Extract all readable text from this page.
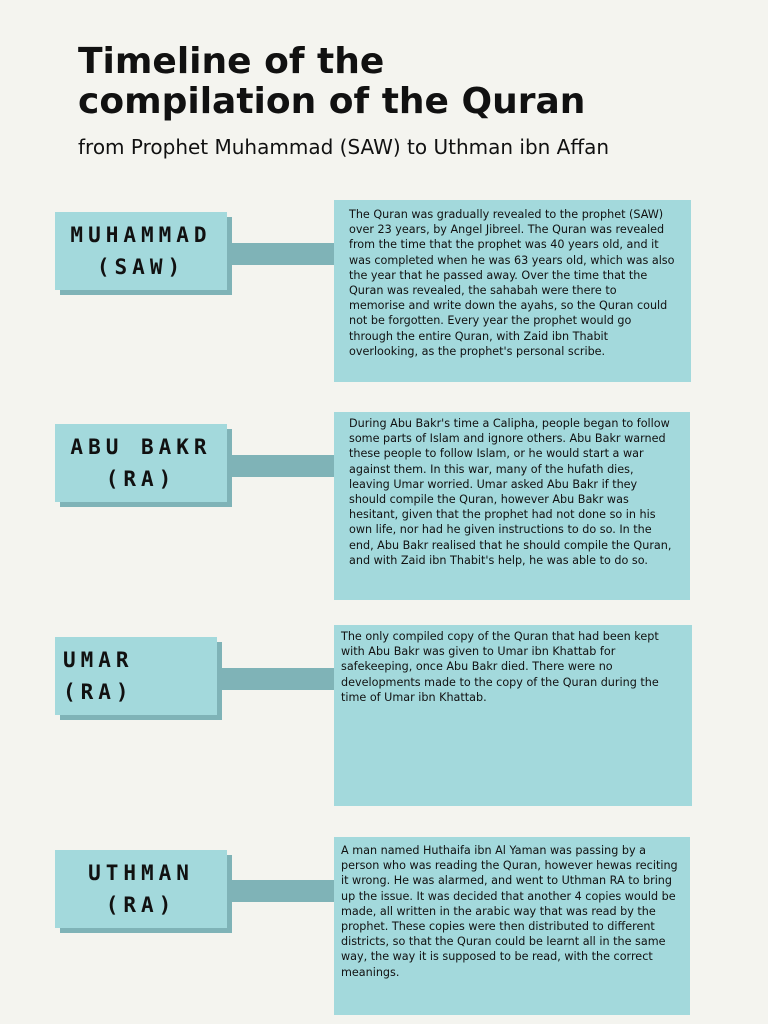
Timeline of the
compilation of the Quran

from Prophet Muhammad (SAW) to Uthman ibn Affan

MUHAMMAD
(SAW)
The Quran was gradually revealed to the prophet (SAW) over 23 years, by Angel Jibreel. The Quran was revealed from the time that the prophet was 40 years old, and it was completed when he was 63 years old, which was also the year that he passed away. Over the time that the Quran was revealed, the sahabah were there to memorise and write down the ayahs, so the Quran could not be forgotten. Every year the prophet would go through the entire Quran, with Zaid ibn Thabit overlooking, as the prophet's personal scribe.
ABU BAKR
(RA)
During Abu Bakr's time a Calipha, people began to follow some parts of Islam and ignore others. Abu Bakr warned these people to follow Islam, or he would start a war against them. In this war, many of the hufath dies, leaving Umar worried. Umar asked Abu Bakr if they should compile the Quran, however Abu Bakr was hesitant, given that the prophet had not done so in his own life, nor had he given instructions to do so. In the end, Abu Bakr realised that he should compile the Quran, and with Zaid ibn Thabit's help, he was able to do so.
UMAR
(RA)
The only compiled copy of the Quran that had been kept with Abu Bakr was given to Umar ibn Khattab for safekeeping, once Abu Bakr died. There were no developments made to the copy of the Quran during the time of Umar ibn Khattab.
UTHMAN
(RA)
A man named Huthaifa ibn Al Yaman was passing by a person who was reading the Quran, however hewas reciting it wrong. He was alarmed, and went to Uthman RA to bring up the issue. It was decided that another 4 copies would be made, all written in the arabic way that was read by the prophet. These copies were then distributed to different districts, so that the Quran could be learnt all in the same way, the way it is supposed to be read, with the correct meanings.
